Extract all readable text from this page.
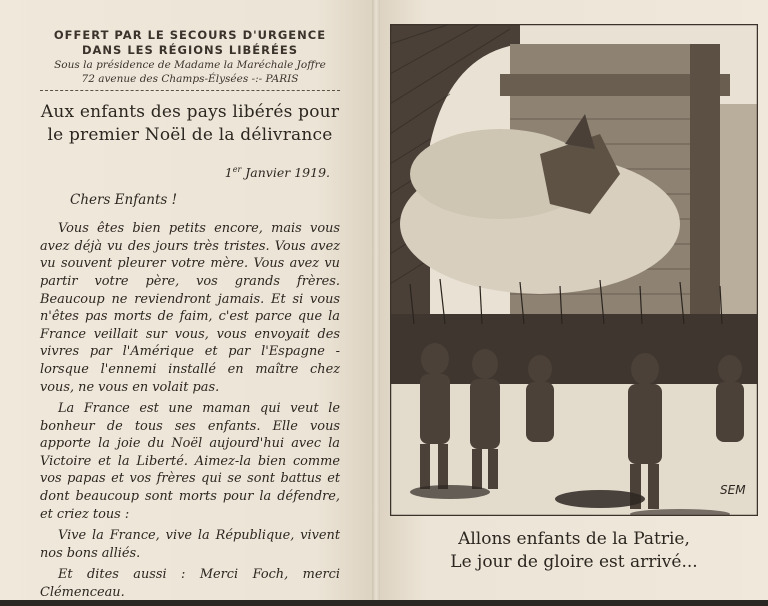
OFFERT PAR LE SECOURS D'URGENCE
DANS LES RÉGIONS LIBÉRÉES
Sous la présidence de Madame la Maréchale Joffre
72 avenue des Champs-Élysées -:- PARIS
Aux enfants des pays libérés pour
le premier Noël de la délivrance
1er Janvier 1919.
Chers Enfants !

Vous êtes bien petits encore, mais vous avez déjà vu des jours très tristes. Vous avez vu souvent pleurer votre mère. Vous avez vu partir votre père, vos grands frères. Beaucoup ne reviendront jamais. Et si vous n'êtes pas morts de faim, c'est parce que la France veillait sur vous, vous envoyait des vivres par l'Amérique et par l'Espagne - lorsque l'ennemi installé en maître chez vous, ne vous en volait pas.

La France est une maman qui veut le bonheur de tous ses enfants. Elle vous apporte la joie du Noël aujourd'hui avec la Victoire et la Liberté. Aimez-la bien comme vos papas et vos frères qui se sont battus et dont beaucoup sont morts pour la défendre, et criez tous :

Vive la France, vive la République, vivent nos bons alliés.

Et dites aussi : Merci Foch, merci Clémenceau.

SEM
Allons enfants de la Patrie,
Le jour de gloire est arrivé...
